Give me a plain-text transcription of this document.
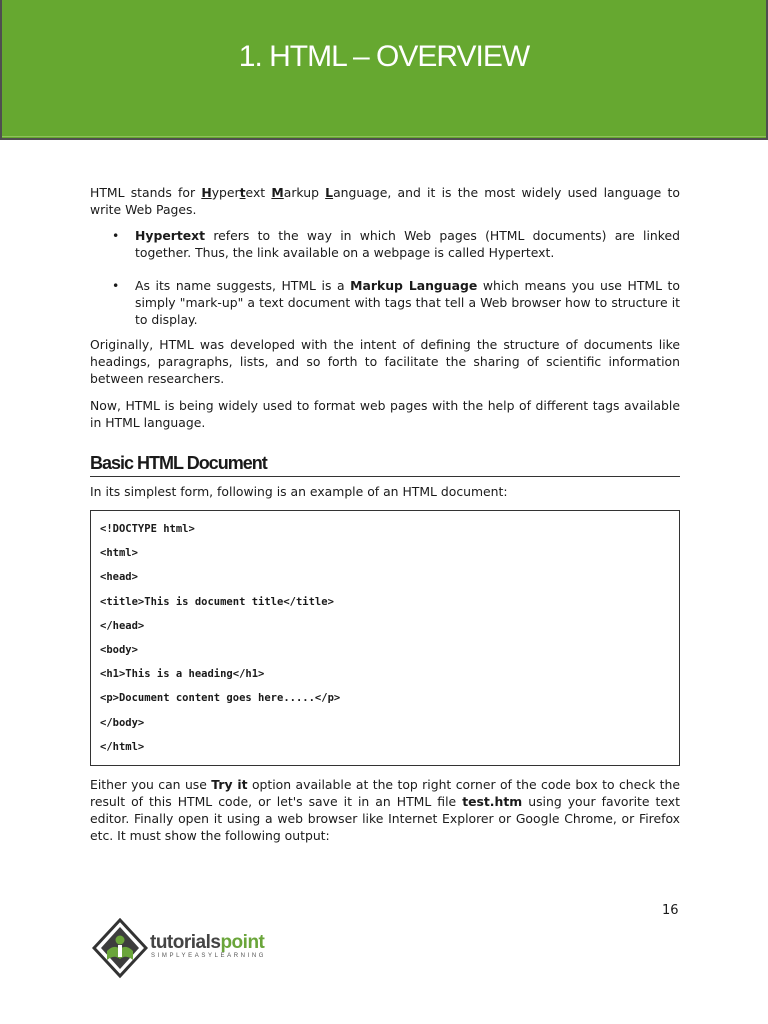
1. HTML – OVERVIEW

HTML stands for Hypertext Markup Language, and it is the most widely used language to write Web Pages.

• Hypertext refers to the way in which Web pages (HTML documents) are linked together. Thus, the link available on a webpage is called Hypertext.
• As its name suggests, HTML is a Markup Language which means you use HTML to simply "mark-up" a text document with tags that tell a Web browser how to structure it to display.

Originally, HTML was developed with the intent of defining the structure of documents like headings, paragraphs, lists, and so forth to facilitate the sharing of scientific information between researchers.

Now, HTML is being widely used to format web pages with the help of different tags available in HTML language.

Basic HTML Document

In its simplest form, following is an example of an HTML document:

<!DOCTYPE html>
<html>
<head>
<title>This is document title</title>
</head>
<body>
<h1>This is a heading</h1>
<p>Document content goes here.....</p>
</body>
</html>

Either you can use Try it option available at the top right corner of the code box to check the result of this HTML code, or let's save it in an HTML file test.htm using your favorite text editor. Finally open it using a web browser like Internet Explorer or Google Chrome, or Firefox etc. It must show the following output:

16
tutorialspoint
SIMPLYEASYLEARNING
